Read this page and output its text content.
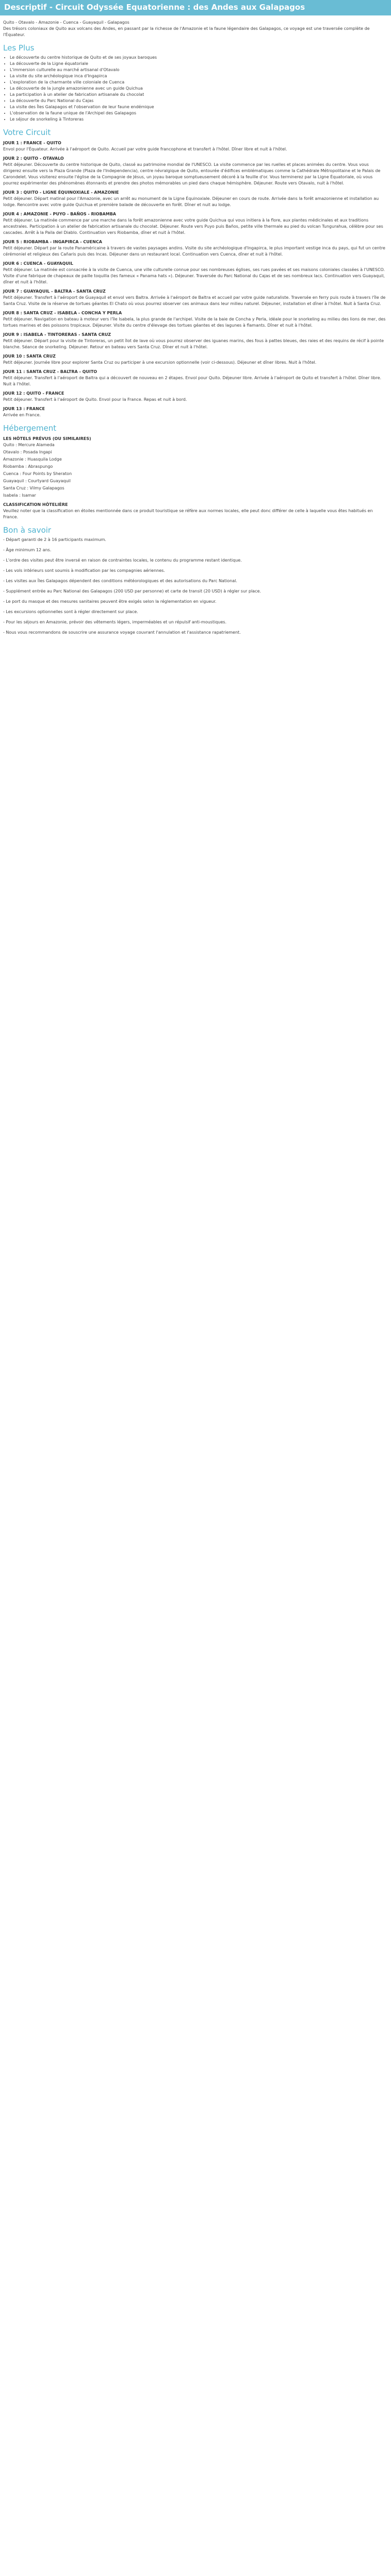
Descriptif - Circuit Odyssée Equatorienne : des Andes aux Galapagos

Quito - Otavalo - Amazonie - Cuenca - Guayaquil - Galapagos

Des trésors coloniaux de Quito aux volcans des Andes, en passant par la richesse de l'Amazonie et la faune légendaire des Galapagos, ce voyage est une traversée complète de l'Équateur.

Les Plus
• Le découverte du centre historique de Quito et de ses joyaux baroques
• La découverte de la Ligne équatoriale
• L'immersion culturelle au marché artisanal d'Otavalo
• La visite du site archéologique inca d'Ingapirca
• L'exploration de la charmante ville coloniale de Cuenca
• La découverte de la jungle amazonienne avec un guide Quichua
• La participation à un atelier de fabrication artisanale du chocolat
• La découverte du Parc National du Cajas
• La visite des Îles Galapagos et l'observation de leur faune endémique
• L'observation de la faune unique de l'Archipel des Galapagos
• Le séjour de snorkeling à Tintoreras
Votre Circuit
JOUR 1 : FRANCE - QUITO

Envol pour l'Équateur. Arrivée à l'aéroport de Quito. Accueil par votre guide francophone et transfert à l'hôtel. Dîner libre et nuit à l'hôtel.

JOUR 2 : QUITO - OTAVALO

Petit déjeuner. Découverte du centre historique de Quito, classé au patrimoine mondial de l'UNESCO. La visite commence par les ruelles et places animées du centre. Vous vous dirigerez ensuite vers la Plaza Grande (Plaza de l'Independencia), centre névralgique de Quito, entourée d'édifices emblématiques comme la Cathédrale Métropolitaine et le Palais de Carondelet. Vous visiterez ensuite l'église de la Compagnie de Jésus, un joyau baroque somptueusement décoré à la feuille d'or. Vous terminerez par la Ligne Équatoriale, où vous pourrez expérimenter des phénomènes étonnants et prendre des photos mémorables un pied dans chaque hémisphère. Déjeuner. Route vers Otavalo, nuit à l'hôtel.

JOUR 3 : QUITO - LIGNE ÉQUINOXIALE - AMAZONIE

Petit déjeuner. Départ matinal pour l'Amazonie, avec un arrêt au monument de la Ligne Équinoxiale. Déjeuner en cours de route. Arrivée dans la forêt amazonienne et installation au lodge. Rencontre avec votre guide Quichua et première balade de découverte en forêt. Dîner et nuit au lodge.

JOUR 4 : AMAZONIE - PUYO - BAÑOS - RIOBAMBA

Petit déjeuner. La matinée commence par une marche dans la forêt amazonienne avec votre guide Quichua qui vous initiera à la flore, aux plantes médicinales et aux traditions ancestrales. Participation à un atelier de fabrication artisanale du chocolat. Déjeuner. Route vers Puyo puis Baños, petite ville thermale au pied du volcan Tungurahua, célèbre pour ses cascades. Arrêt à la Paila del Diablo. Continuation vers Riobamba, dîner et nuit à l'hôtel.

JOUR 5 : RIOBAMBA - INGAPIRCA - CUENCA

Petit déjeuner. Départ par la route Panaméricaine à travers de vastes paysages andins. Visite du site archéologique d'Ingapirca, le plus important vestige inca du pays, qui fut un centre cérémoniel et religieux des Cañaris puis des Incas. Déjeuner dans un restaurant local. Continuation vers Cuenca, dîner et nuit à l'hôtel.

JOUR 6 : CUENCA - GUAYAQUIL

Petit déjeuner. La matinée est consacrée à la visite de Cuenca, une ville culturelle connue pour ses nombreuses églises, ses rues pavées et ses maisons coloniales classées à l'UNESCO. Visite d'une fabrique de chapeaux de paille toquilla (les fameux « Panama hats »). Déjeuner. Traversée du Parc National du Cajas et de ses nombreux lacs. Continuation vers Guayaquil, dîner et nuit à l'hôtel.

JOUR 7 : GUAYAQUIL - BALTRA - SANTA CRUZ

Petit déjeuner. Transfert à l'aéroport de Guayaquil et envol vers Baltra. Arrivée à l'aéroport de Baltra et accueil par votre guide naturaliste. Traversée en ferry puis route à travers l'île de Santa Cruz. Visite de la réserve de tortues géantes El Chato où vous pourrez observer ces animaux dans leur milieu naturel. Déjeuner, installation et dîner à l'hôtel. Nuit à Santa Cruz.

JOUR 8 : SANTA CRUZ - ISABELA - CONCHA Y PERLA

Petit déjeuner. Navigation en bateau à moteur vers l'île Isabela, la plus grande de l'archipel. Visite de la baie de Concha y Perla, idéale pour le snorkeling au milieu des lions de mer, des tortues marines et des poissons tropicaux. Déjeuner. Visite du centre d'élevage des tortues géantes et des lagunes à flamants. Dîner et nuit à l'hôtel.

JOUR 9 : ISABELA - TINTORERAS - SANTA CRUZ

Petit déjeuner. Départ pour la visite de Tintoreras, un petit îlot de lave où vous pourrez observer des iguanes marins, des fous à pattes bleues, des raies et des requins de récif à pointe blanche. Séance de snorkeling. Déjeuner. Retour en bateau vers Santa Cruz. Dîner et nuit à l'hôtel.

JOUR 10 : SANTA CRUZ

Petit déjeuner. Journée libre pour explorer Santa Cruz ou participer à une excursion optionnelle (voir ci-dessous). Déjeuner et dîner libres. Nuit à l'hôtel.

JOUR 11 : SANTA CRUZ - BALTRA - QUITO

Petit déjeuner. Transfert à l'aéroport de Baltra qui a découvert de nouveau en 2 étapes. Envol pour Quito. Déjeuner libre. Arrivée à l'aéroport de Quito et transfert à l'hôtel. Dîner libre. Nuit à l'hôtel.

JOUR 12 : QUITO - FRANCE

Petit déjeuner. Transfert à l'aéroport de Quito. Envol pour la France. Repas et nuit à bord.

JOUR 13 : FRANCE

Arrivée en France.

Hébergement
LES HÔTELS PRÉVUS (OU SIMILAIRES)

Quito : Mercure Alameda

Otavalo : Posada Ingapi

Amazonie : Huasquila Lodge

Riobamba : Abraspungo

Cuenca : Four Points by Sheraton

Guayaquil : Courtyard Guayaquil

Santa Cruz : Vilmy Galapagos

Isabela : Isamar

CLASSIFICATION HÔTELIÈRE

Veuillez noter que la classification en étoiles mentionnée dans ce produit touristique se réfère aux normes locales, elle peut donc différer de celle à laquelle vous êtes habitués en France.

Bon à savoir

- Départ garanti de 2 à 16 participants maximum.

- Âge minimum 12 ans.

- L'ordre des visites peut être inversé en raison de contraintes locales, le contenu du programme restant identique.

- Les vols intérieurs sont soumis à modification par les compagnies aériennes.

- Les visites aux Îles Galapagos dépendent des conditions météorologiques et des autorisations du Parc National.

- Supplément entrée au Parc National des Galapagos (200 USD par personne) et carte de transit (20 USD) à régler sur place.

- Le port du masque et des mesures sanitaires peuvent être exigés selon la réglementation en vigueur.

- Les excursions optionnelles sont à régler directement sur place.

- Pour les séjours en Amazonie, prévoir des vêtements légers, imperméables et un répulsif anti-moustiques.

- Nous vous recommandons de souscrire une assurance voyage couvrant l'annulation et l'assistance rapatriement.
